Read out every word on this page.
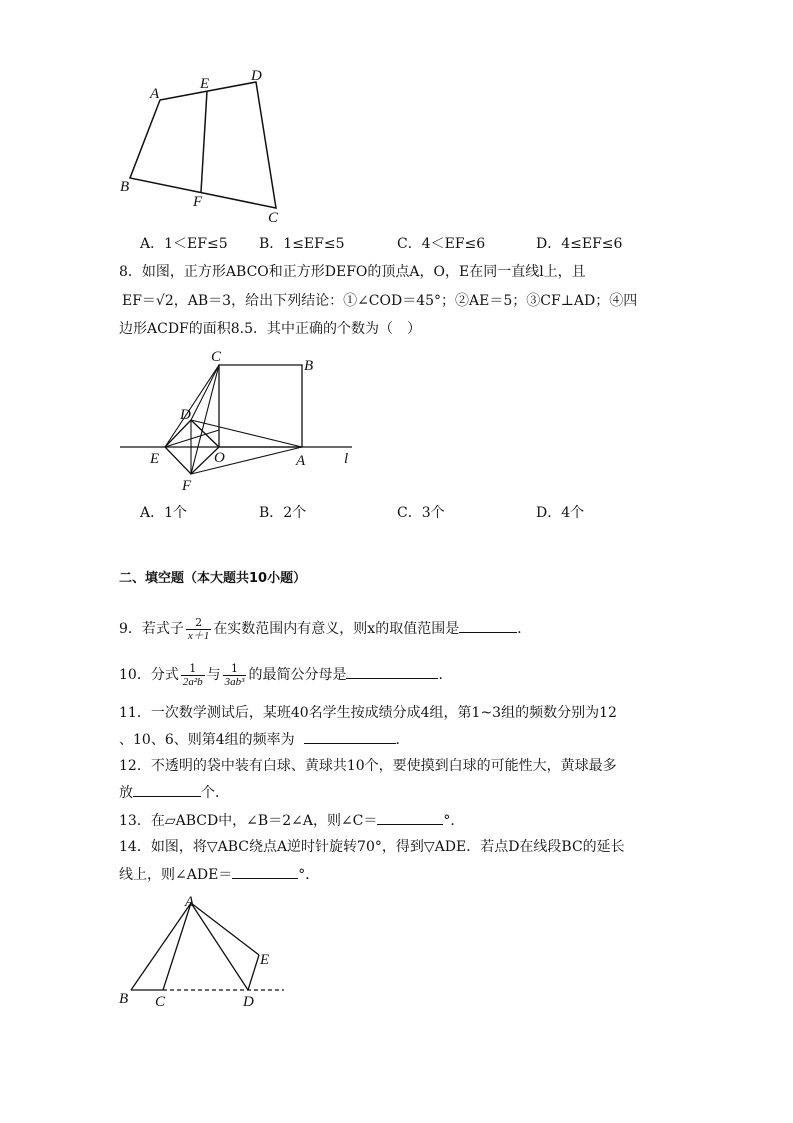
A
E	D
B
F
C
A．1＜EF≤5 B．1≤EF≤5	C．4＜EF≤6	D．4≤EF≤6
8．如图，正方形ABCO和正方形DEFO的顶点A，O，E在同一直线l上，且
EF＝√2，AB＝3，给出下列结论：①∠COD＝45°；②AE＝5；③CF⊥AD；④四
边形ACDF的面积8.5．其中正确的个数为（　）
C
B
D
E	O	A
F
l
A．1个	B．2个	C．3个	D．4个
二、填空题（本大题共10小题）
9．若式子 $\frac{2}{x+1}$ 在实数范围内有意义，则x的取值范围是	．
10．分式 $\frac{1}{\text{2a²b}}$ 与 $\frac{1}{\text{3ab³}}$ 的最简公分母是	．
11．一次数学测试后，某班40名学生按成绩分成4组，第1~3组的频数分别为12
、10、6、则第4组的频率为	．
12．不透明的袋中装有白球、黄球共10个，要使摸到白球的可能性大，黄球最多
放	个．
13．在▱ABCD中，∠B＝2∠A，则∠C＝	°．
14．如图，将▽ABC绕点A逆时针旋转70°，得到▽ADE．若点D在线段BC的延长
线上，则∠ADE＝	°．
A
E
B C	D
